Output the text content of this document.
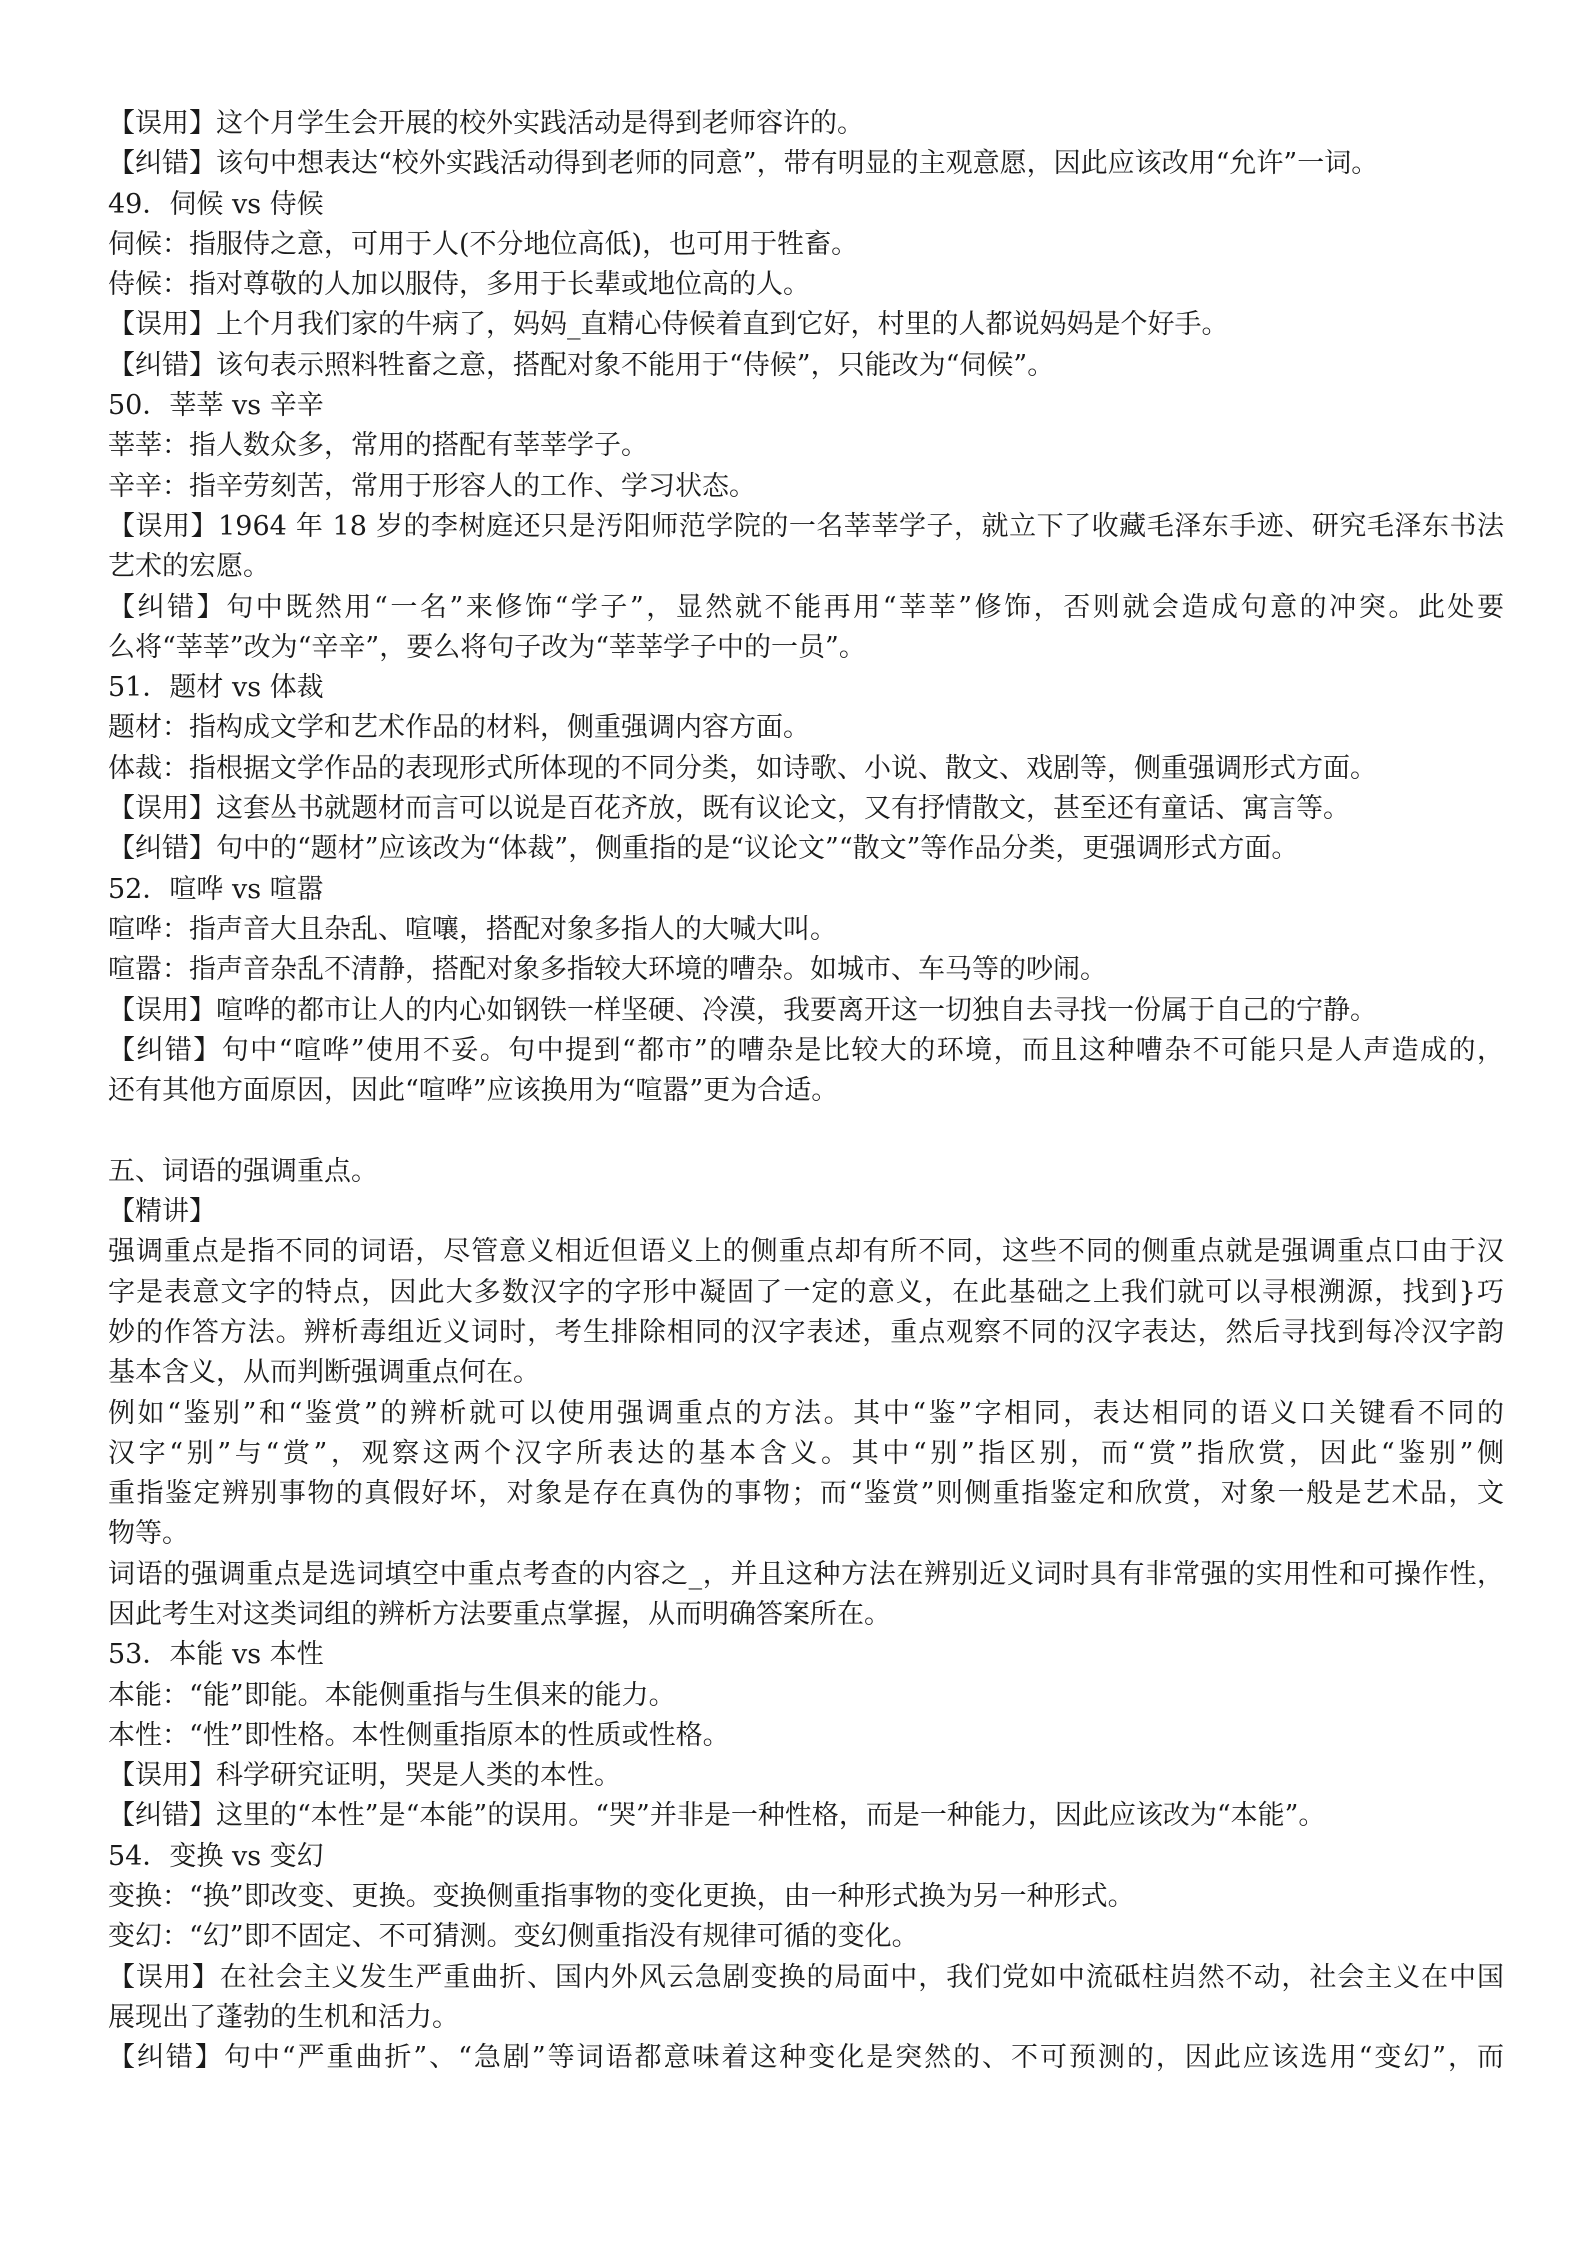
【误用】这个月学生会开展的校外实践活动是得到老师容许的。
【纠错】该句中想表达“校外实践活动得到老师的同意”，带有明显的主观意愿，因此应该改用“允许”一词。
49．伺候 vs 侍候
伺候：指服侍之意，可用于人(不分地位高低)，也可用于牲畜。
侍候：指对尊敬的人加以服侍，多用于长辈或地位高的人。
【误用】上个月我们家的牛病了，妈妈_直精心侍候着直到它好，村里的人都说妈妈是个好手。
【纠错】该句表示照料牲畜之意，搭配对象不能用于“侍候”，只能改为“伺候”。
50．莘莘 vs 辛辛
莘莘：指人数众多，常用的搭配有莘莘学子。
辛辛：指辛劳刻苦，常用于形容人的工作、学习状态。
【误用】1964 年 18 岁的李树庭还只是汚阳师范学院的一名莘莘学子，就立下了收藏毛泽东手迹、研究毛泽东书法
艺术的宏愿。
【纠错】句中既然用“一名”来修饰“学子”，显然就不能再用“莘莘”修饰，否则就会造成句意的冲突。此处要
么将“莘莘”改为“辛辛”，要么将句子改为“莘莘学子中的一员”。
51．题材 vs 体裁
题材：指构成文学和艺术作品的材料，侧重强调内容方面。
体裁：指根据文学作品的表现形式所体现的不同分类，如诗歌、小说、散文、戏剧等，侧重强调形式方面。
【误用】这套丛书就题材而言可以说是百花齐放，既有议论文，又有抒情散文，甚至还有童话、寓言等。
【纠错】句中的“题材”应该改为“体裁”，侧重指的是“议论文”“散文”等作品分类，更强调形式方面。
52．喧哗 vs 喧嚣
喧哗：指声音大且杂乱、喧嚷，搭配对象多指人的大喊大叫。
喧嚣：指声音杂乱不清静，搭配对象多指较大环境的嘈杂。如城市、车马等的吵闹。
【误用】喧哗的都市让人的内心如钢铁一样坚硬、冷漠，我要离开这一切独自去寻找一份属于自己的宁静。
【纠错】句中“喧哗”使用不妥。句中提到“都市”的嘈杂是比较大的环境，而且这种嘈杂不可能只是人声造成的，
还有其他方面原因，因此“喧哗”应该换用为“喧嚣”更为合适。
五、词语的强调重点。
【精讲】
强调重点是指不同的词语，尽管意义相近但语义上的侧重点却有所不同，这些不同的侧重点就是强调重点口由于汉
字是表意文字的特点，因此大多数汉字的字形中凝固了一定的意义，在此基础之上我们就可以寻根溯源，找到}巧
妙的作答方法。辨析毒组近义词时，考生排除相同的汉字表述，重点观察不同的汉字表达，然后寻找到每冷汉字韵
基本含义，从而判断强调重点何在。
例如“鉴别”和“鉴赏”的辨析就可以使用强调重点的方法。其中“鉴”字相同，表达相同的语义口关键看不同的
汉字“别”与“赏”，观察这两个汉字所表达的基本含义。其中“别”指区别，而“赏”指欣赏，因此“鉴别”侧
重指鉴定辨别事物的真假好坏，对象是存在真伪的事物；而“鉴赏”则侧重指鉴定和欣赏，对象一般是艺术品，文
物等。
词语的强调重点是选词填空中重点考查的内容之_，并且这种方法在辨别近义词时具有非常强的实用性和可操作性，
因此考生对这类词组的辨析方法要重点掌握，从而明确答案所在。
53．本能 vs 本性
本能：“能”即能。本能侧重指与生俱来的能力。
本性：“性”即性格。本性侧重指原本的性质或性格。
【误用】科学研究证明，哭是人类的本性。
【纠错】这里的“本性”是“本能”的误用。“哭”并非是一种性格，而是一种能力，因此应该改为“本能”。
54．变换 vs 变幻
变换：“换”即改变、更换。变换侧重指事物的变化更换，由一种形式换为另一种形式。
变幻：“幻”即不固定、不可猜测。变幻侧重指没有规律可循的变化。
【误用】在社会主义发生严重曲折、国内外风云急剧变换的局面中，我们党如中流砥柱岿然不动，社会主义在中国
展现出了蓬勃的生机和活力。
【纠错】句中“严重曲折”、“急剧”等词语都意味着这种变化是突然的、不可预测的，因此应该选用“变幻”，而
